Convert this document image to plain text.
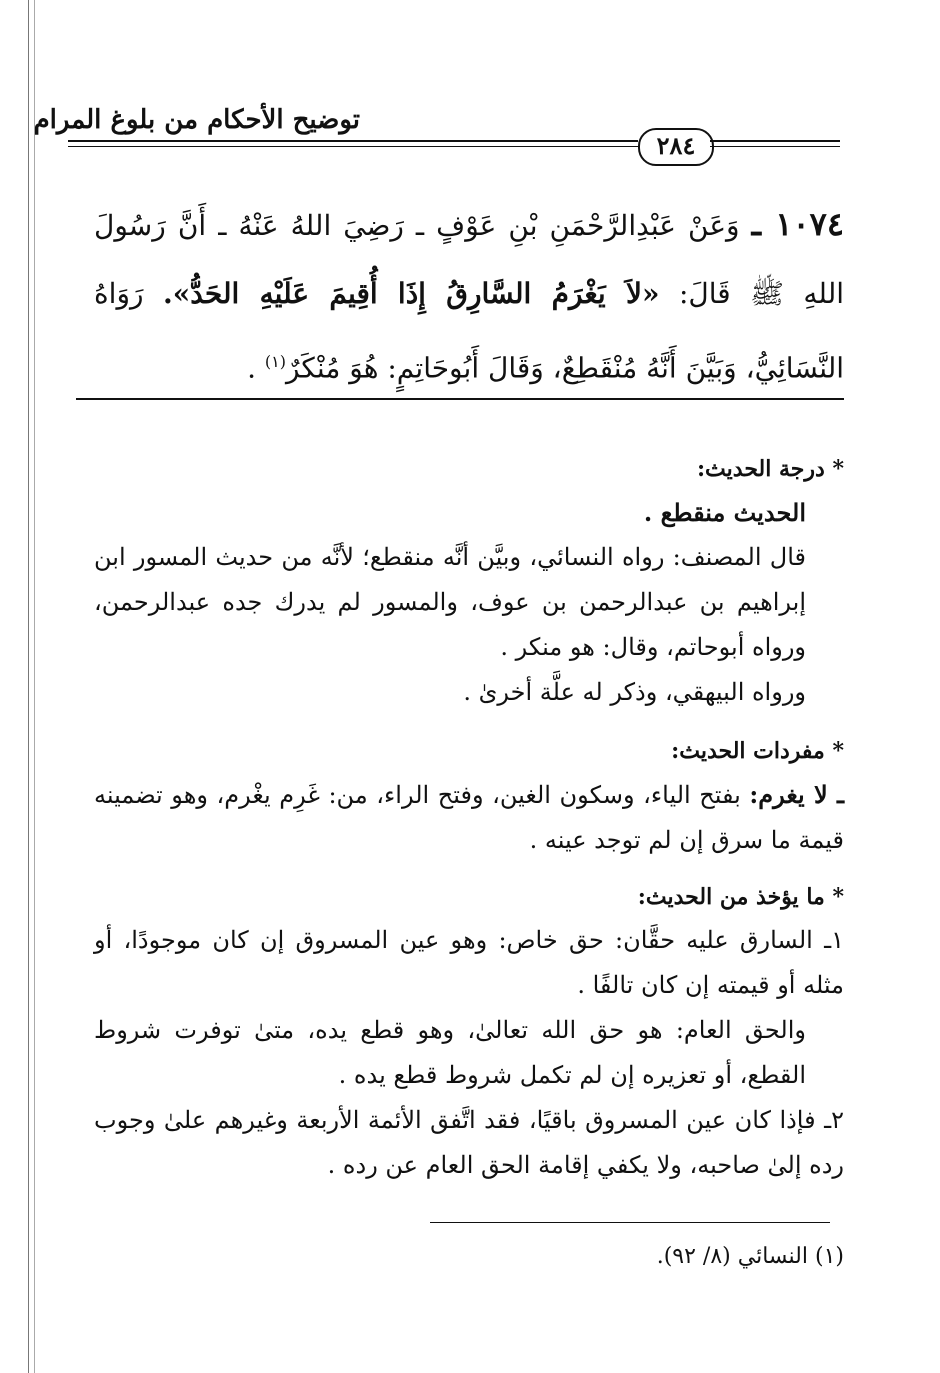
توضيح الأحكام من بلوغ المرام
٢٨٤
١٠٧٤ ـ وَعَنْ عَبْدِالرَّحْمَنِ بْنِ عَوْفٍ ـ رَضِيَ اللهُ عَنْهُ ـ أَنَّ رَسُولَ اللهِ ﷺ قَالَ: «لاَ يَغْرَمُ السَّارِقُ إِذَا أُقِيمَ عَلَيْهِ الحَدُّ». رَوَاهُ النَّسَائِيُّ، وَبَيَّنَ أَنَّهُ مُنْقَطِعٌ، وَقَالَ أَبُوحَاتِمٍ: هُوَ مُنْكَرٌ$^{(١)}$ .

* درجة الحديث:

الحديث منقطع .

قال المصنف: رواه النسائي، وبيَّن أنَّه منقطع؛ لأنَّه من حديث المسور ابن إبراهيم بن عبدالرحمن بن عوف، والمسور لم يدرك جده عبدالرحمن، ورواه أبوحاتم، وقال: هو منكر .

ورواه البيهقي، وذكر له علَّة أخرىٰ .

* مفردات الحديث:

ـ لا يغرم: بفتح الياء، وسكون الغين، وفتح الراء، من: غَرِم يغْرم، وهو تضمينه قيمة ما سرق إن لم توجد عينه .

* ما يؤخذ من الحديث:

١ـ السارق عليه حقَّان: حق خاص: وهو عين المسروق إن كان موجودًا، أو مثله أو قيمته إن كان تالفًا .

والحق العام: هو حق الله تعالىٰ، وهو قطع يده، متىٰ توفرت شروط القطع، أو تعزيره إن لم تكمل شروط قطع يده .

٢ـ فإذا كان عين المسروق باقيًا، فقد اتَّفق الأئمة الأربعة وغيرهم علىٰ وجوب رده إلىٰ صاحبه، ولا يكفي إقامة الحق العام عن رده .

(١) النسائي (٨/ ٩٢).
